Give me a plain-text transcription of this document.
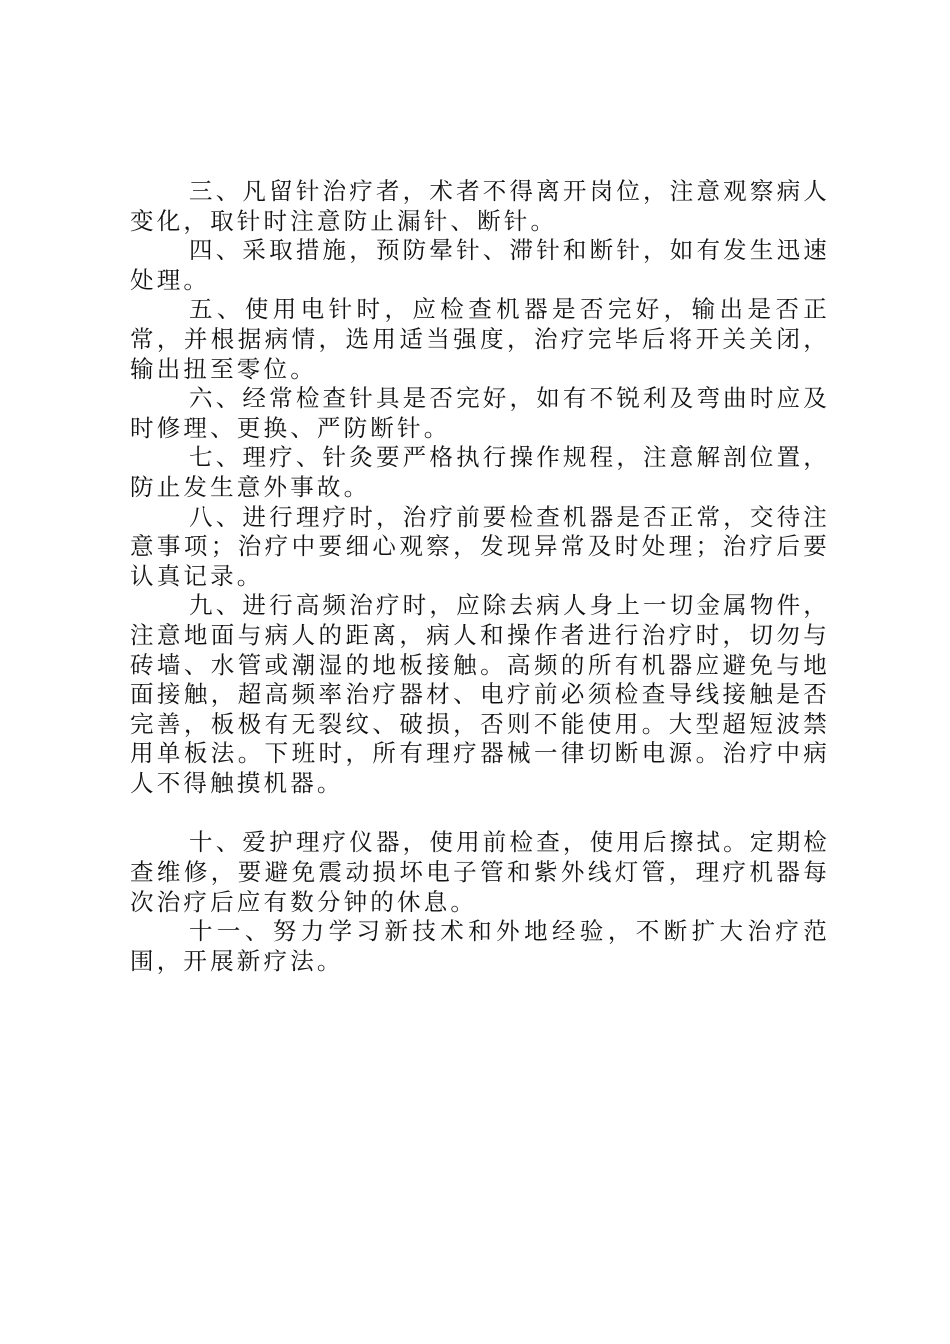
三、凡留针治疗者，术者不得离开岗位，注意观察病人变化，取针时注意防止漏针、断针。

四、采取措施，预防晕针、滞针和断针，如有发生迅速处理。

五、使用电针时，应检查机器是否完好，输出是否正常，并根据病情，选用适当强度，治疗完毕后将开关关闭，输出扭至零位。

六、经常检查针具是否完好，如有不锐利及弯曲时应及时修理、更换、严防断针。

七、理疗、针灸要严格执行操作规程，注意解剖位置，防止发生意外事故。

八、进行理疗时，治疗前要检查机器是否正常，交待注意事项；治疗中要细心观察，发现异常及时处理；治疗后要认真记录。

九、进行高频治疗时，应除去病人身上一切金属物件，注意地面与病人的距离，病人和操作者进行治疗时，切勿与砖墙、水管或潮湿的地板接触。高频的所有机器应避免与地面接触，超高频率治疗器材、电疗前必须检查导线接触是否完善，板极有无裂纹、破损，否则不能使用。大型超短波禁用单板法。下班时，所有理疗器械一律切断电源。治疗中病人不得触摸机器。

十、爱护理疗仪器，使用前检查，使用后擦拭。定期检查维修，要避免震动损坏电子管和紫外线灯管，理疗机器每次治疗后应有数分钟的休息。

十一、努力学习新技术和外地经验，不断扩大治疗范围，开展新疗法。
